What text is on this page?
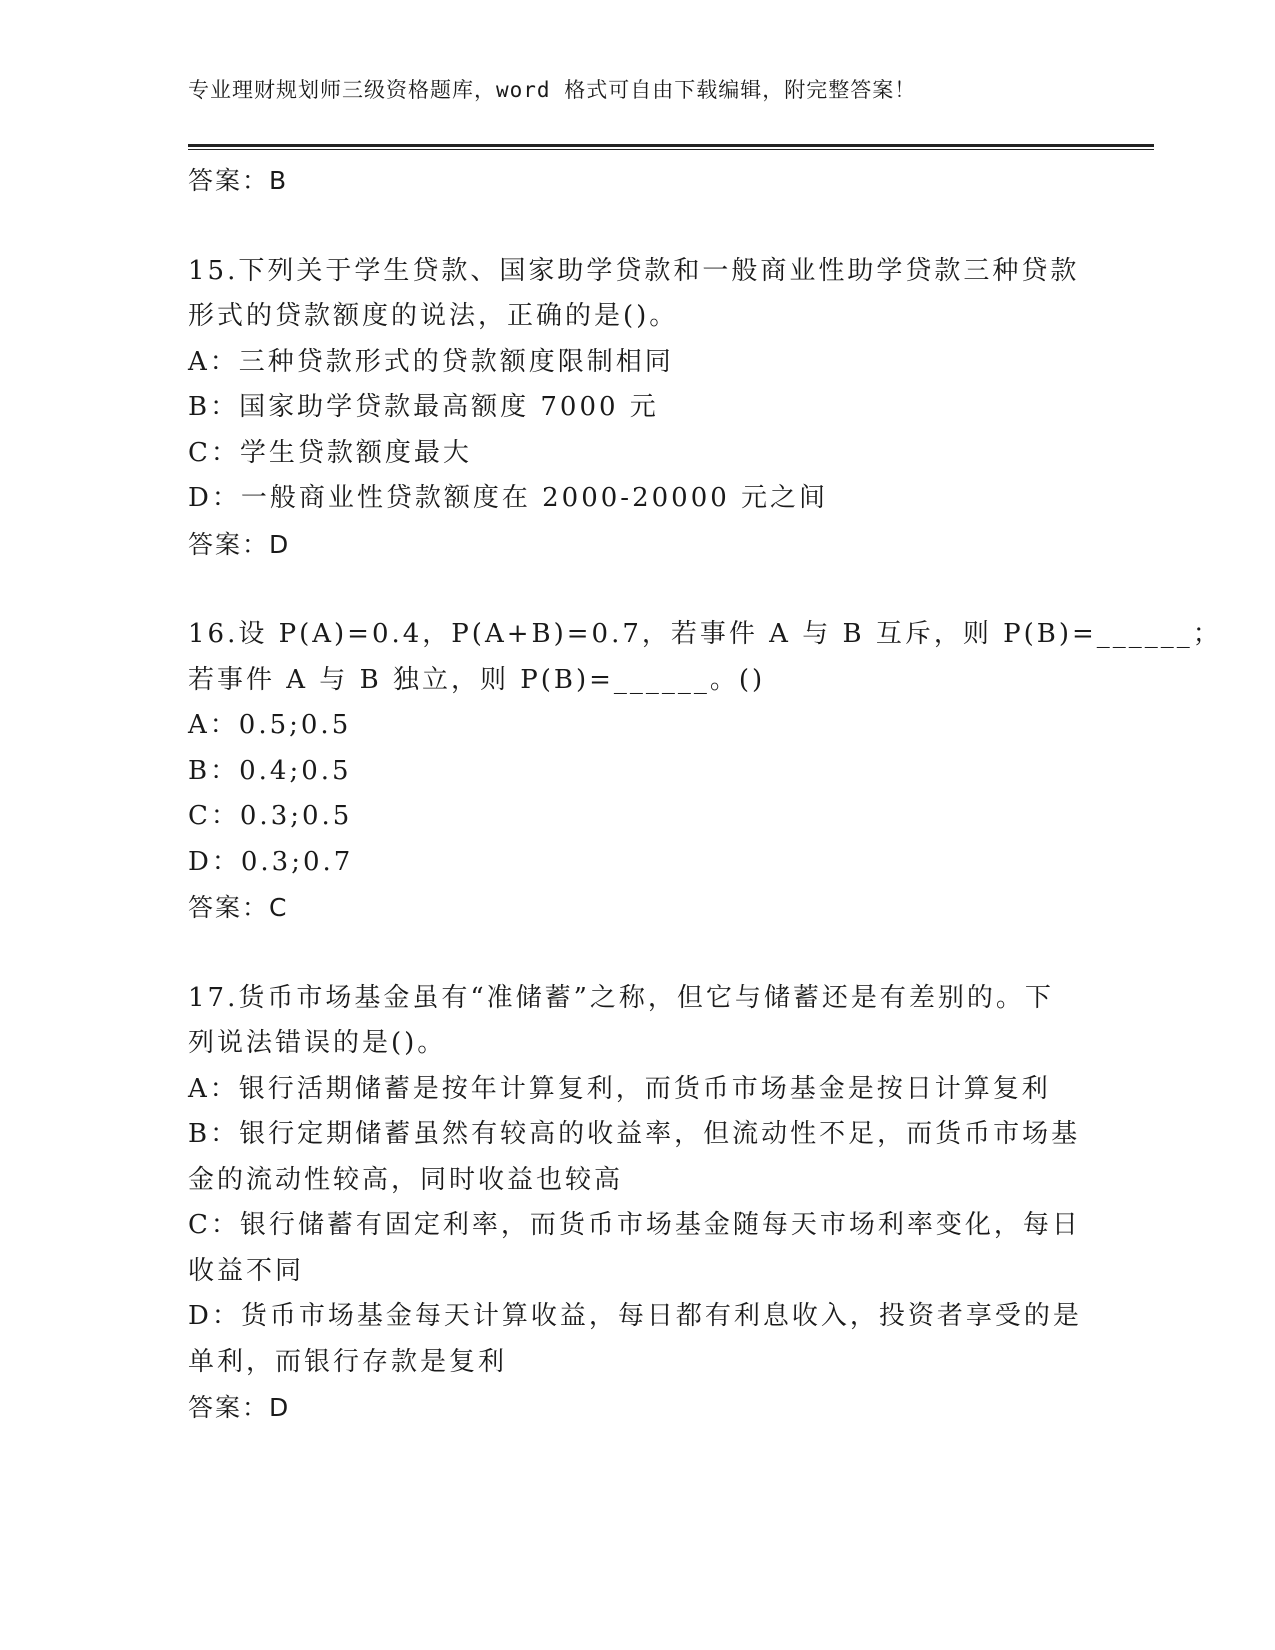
专业理财规划师三级资格题库，word 格式可自由下载编辑，附完整答案！
答案：B
15.下列关于学生贷款、国家助学贷款和一般商业性助学贷款三种贷款
形式的贷款额度的说法，正确的是()。
A：三种贷款形式的贷款额度限制相同
B：国家助学贷款最高额度 7000 元
C：学生贷款额度最大
D：一般商业性贷款额度在 2000-20000 元之间
答案：D
16.设 P(A)=0.4，P(A+B)=0.7，若事件 A 与 B 互斥，则 P(B)=______；
若事件 A 与 B 独立，则 P(B)=______。()
A：0.5;0.5
B：0.4;0.5
C：0.3;0.5
D：0.3;0.7
答案：C
17.货币市场基金虽有“准储蓄”之称，但它与储蓄还是有差别的。下
列说法错误的是()。
A：银行活期储蓄是按年计算复利，而货币市场基金是按日计算复利
B：银行定期储蓄虽然有较高的收益率，但流动性不足，而货币市场基
金的流动性较高，同时收益也较高
C：银行储蓄有固定利率，而货币市场基金随每天市场利率变化，每日
收益不同
D：货币市场基金每天计算收益，每日都有利息收入，投资者享受的是
单利，而银行存款是复利
答案：D
